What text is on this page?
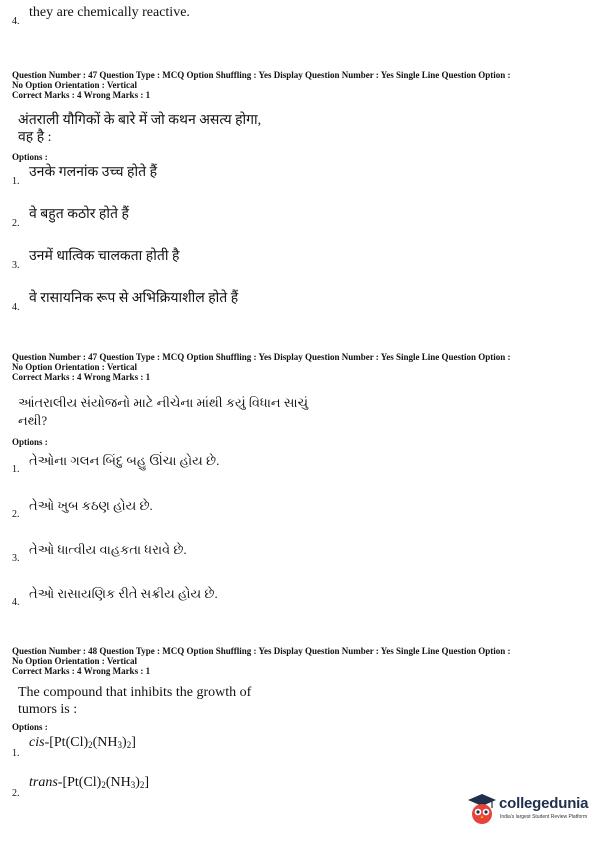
4.
they are chemically reactive.
Question Number : 47 Question Type : MCQ Option Shuffling : Yes Display Question Number : Yes Single Line Question Option :
No Option Orientation : Vertical
Correct Marks : 4 Wrong Marks : 1
अंतराली यौगिकों के बारे में जो कथन असत्य होगा,
वह है :
Options :
1.
उनके गलनांक उच्च होते हैं
2.
वे बहुत कठोर होते हैं
3.
उनमें धात्विक चालकता होती है
4.
वे रासायनिक रूप से अभिक्रियाशील होते हैं
Question Number : 47 Question Type : MCQ Option Shuffling : Yes Display Question Number : Yes Single Line Question Option :
No Option Orientation : Vertical
Correct Marks : 4 Wrong Marks : 1
આંતરાલીય સંયોજનો માટે નીચેના માંથી કયું વિધાન સાચું
નથી?
Options :
1.
તેઓના ગલન બિંદુ બહુ ઊંચા હોય છે.
2.
તેઓ ખુબ કઠણ હોય છે.
3.
તેઓ ધાત્વીય વાહકતા ધરાવે છે.
4.
તેઓ રાસાયણિક રીતે સક્રીય હોય છે.
Question Number : 48 Question Type : MCQ Option Shuffling : Yes Display Question Number : Yes Single Line Question Option :
No Option Orientation : Vertical
Correct Marks : 4 Wrong Marks : 1
The compound that inhibits the growth of
tumors is :
Options :
1.
cis-$[Pt(Cl)_2(NH_3)_2]$
2.
trans-$[Pt(Cl)_2(NH_3)_2]$
collegedunia
India's largest Student Review Platform
